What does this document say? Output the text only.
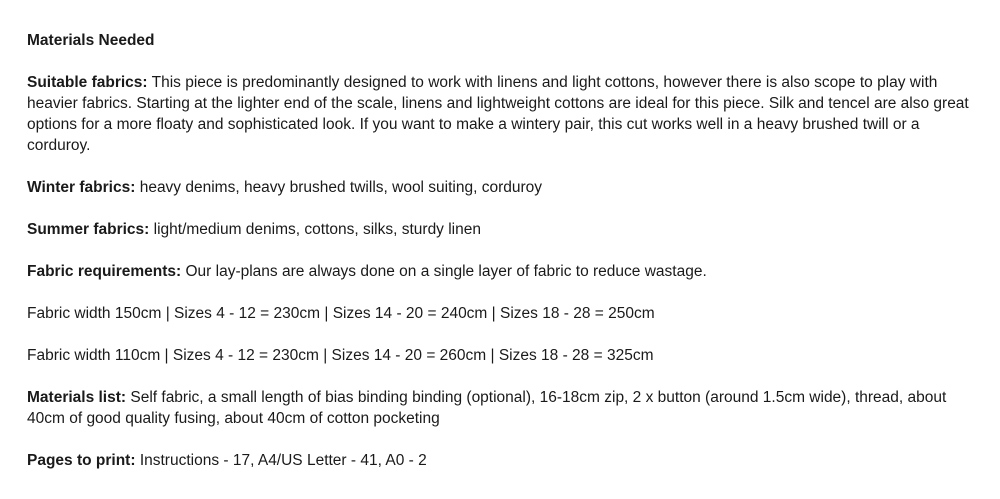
Materials Needed

Suitable fabrics: This piece is predominantly designed to work with linens and light cottons, however there is also scope to play with heavier fabrics. Starting at the lighter end of the scale, linens and lightweight cottons are ideal for this piece. Silk and tencel are also great options for a more floaty and sophisticated look. If you want to make a wintery pair, this cut works well in a heavy brushed twill or a corduroy.

Winter fabrics: heavy denims, heavy brushed twills, wool suiting, corduroy

Summer fabrics: light/medium denims, cottons, silks, sturdy linen

Fabric requirements: Our lay-plans are always done on a single layer of fabric to reduce wastage.

Fabric width 150cm | Sizes 4 - 12 = 230cm | Sizes 14 - 20 = 240cm | Sizes 18 - 28 = 250cm

Fabric width 110cm | Sizes 4 - 12 = 230cm | Sizes 14 - 20 = 260cm | Sizes 18 - 28 = 325cm

Materials list: Self fabric, a small length of bias binding binding (optional), 16-18cm zip, 2 x button (around 1.5cm wide), thread, about 40cm of good quality fusing, about 40cm of cotton pocketing

Pages to print: Instructions - 17, A4/US Letter - 41, A0 - 2
